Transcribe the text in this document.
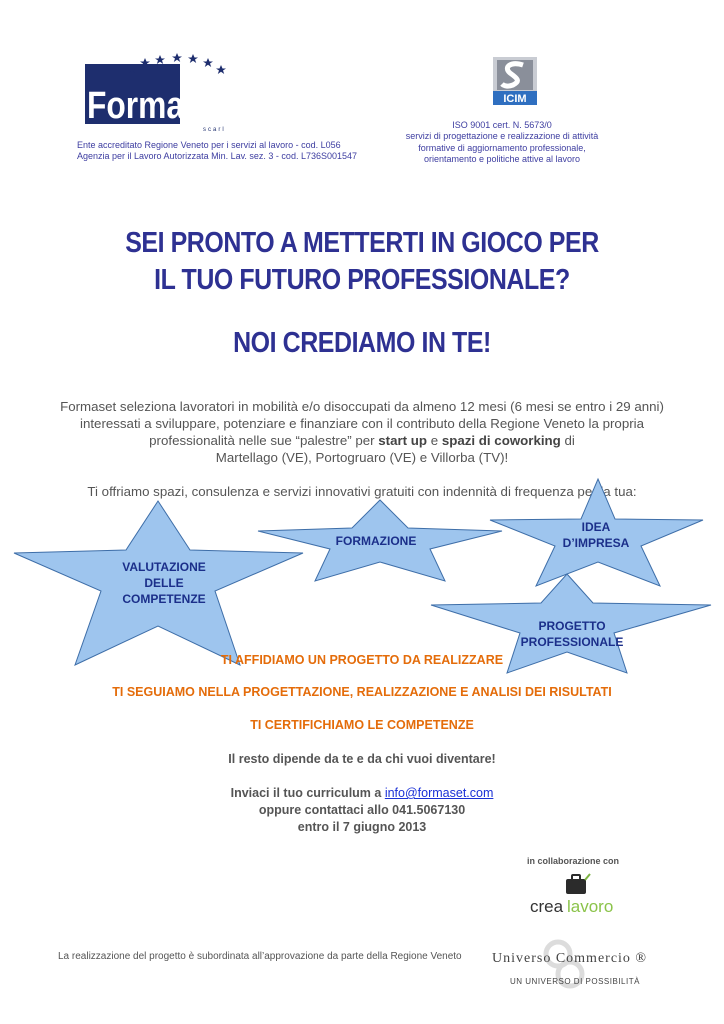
Formaset
scarl
Ente accreditato Regione Veneto per i servizi al lavoro - cod. L056
Agenzia per il Lavoro Autorizzata Min. Lav. sez. 3 - cod. L736S001547
ICIM
ISO 9001 cert. N. 5673/0
servizi di progettazione e realizzazione di attività
formative di aggiornamento professionale,
orientamento e politiche attive al lavoro
SEI PRONTO A METTERTI IN GIOCO PER
IL TUO FUTURO PROFESSIONALE?
NOI CREDIAMO IN TE!
Formaset seleziona lavoratori in mobilità e/o disoccupati da almeno 12 mesi (6 mesi se entro i 29 anni)
interessati a sviluppare, potenziare e finanziare con il contributo della Regione Veneto la propria
professionalità nelle sue “palestre” per start up e spazi di coworking di
Martellago (VE), Portogruaro (VE) e Villorba (TV)!
Ti offriamo spazi, consulenza e servizi innovativi gratuiti con indennità di frequenza per la tua:
VALUTAZIONE
DELLE
COMPETENZE
FORMAZIONE
IDEA
D’IMPRESA
PROGETTO
PROFESSIONALE
TI AFFIDIAMO UN PROGETTO DA REALIZZARE
TI SEGUIAMO NELLA PROGETTAZIONE, REALIZZAZIONE E ANALISI DEI RISULTATI
TI CERTIFICHIAMO LE COMPETENZE
Il resto dipende da te e da chi vuoi diventare!
Inviaci il tuo curriculum a info@formaset.com
oppure contattaci allo 041.5067130
entro il 7 giugno 2013
in collaborazione con
crea lavoro
La realizzazione del progetto è subordinata all’approvazione da parte della Regione Veneto Universo Commercio ®
UN UNIVERSO DI POSSIBILITÀ
